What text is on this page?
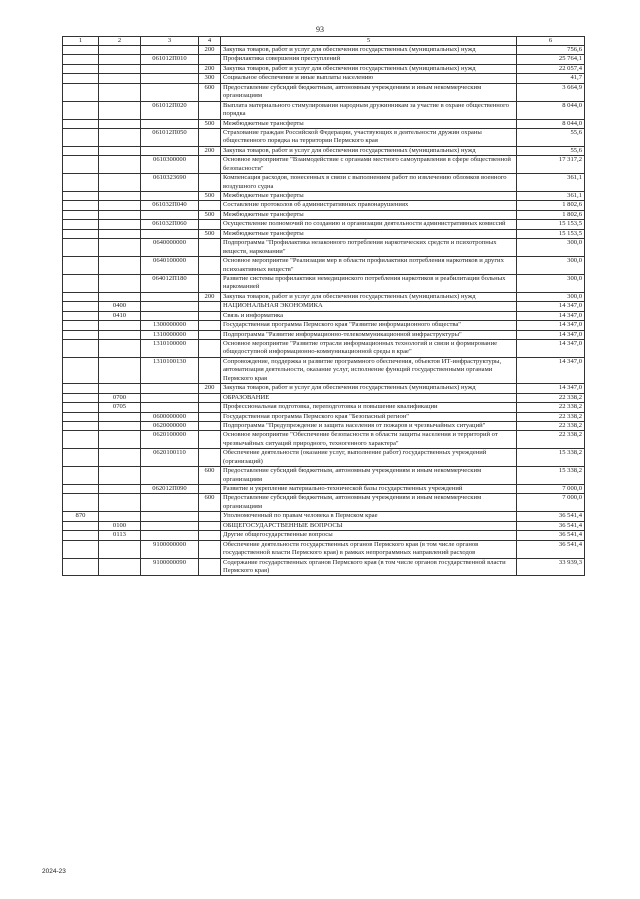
93
1	2	3	4	5	6
			200	Закупка товаров, работ и услуг для обеспечения государственных (муниципальных) нужд	756,6
		061012П010		Профилактика совершения преступлений	25 764,1
			200	Закупка товаров, работ и услуг для обеспечения государственных (муниципальных) нужд	22 057,4
			300	Социальное обеспечение и иные выплаты населению	41,7
			600	Предоставление субсидий бюджетным, автономным учреждениям и иным некоммерческим организациям	3 664,9
		061012П020		Выплата материального стимулирования народным дружинникам за участие в охране общественного порядка	8 044,0
			500	Межбюджетные трансферты	8 044,0
		061012П050		Страхование граждан Российской Федерации, участвующих в деятельности дружин охраны общественного порядка на территории Пермского края	55,6
			200	Закупка товаров, работ и услуг для обеспечения государственных (муниципальных) нужд	55,6
		0610300000		Основное мероприятие "Взаимодействие с органами местного самоуправления в сфере общественной безопасности"	17 317,2
		0610323690		Компенсация расходов, понесенных в связи с выполнением работ по извлечению обломков военного воздушного судна	361,1
			500	Межбюджетные трансферты	361,1
		061032П040		Составление протоколов об административных правонарушениях	1 802,6
			500	Межбюджетные трансферты	1 802,6
		061032П060		Осуществление полномочий по созданию и организации деятельности административных комиссий	15 153,5
			500	Межбюджетные трансферты	15 153,5
		0640000000		Подпрограмма "Профилактика незаконного потребления наркотических средств и психотропных веществ, наркомании"	300,0
		0640100000		Основное мероприятие "Реализация мер в области профилактики потребления наркотиков и других психоактивных веществ"	300,0
		064012П180		Развитие системы профилактики немедицинского потребления наркотиков и реабилитации больных наркоманией	300,0
			200	Закупка товаров, работ и услуг для обеспечения государственных (муниципальных) нужд	300,0
	0400			НАЦИОНАЛЬНАЯ ЭКОНОМИКА	14 347,0
	0410			Связь и информатика	14 347,0
		1300000000		Государственная программа Пермского края "Развитие информационного общества"	14 347,0
		1310000000		Подпрограмма "Развитие информационно-телекоммуникационной инфраструктуры"	14 347,0
		1310100000		Основное мероприятие "Развитие отрасли информационных технологий и связи и формирование общедоступной информационно-коммуникационной среды в крае"	14 347,0
		1310100130		Сопровождение, поддержка и развитие программного обеспечения, объектов ИТ-инфраструктуры, автоматизация деятельности, оказание услуг, исполнение функций государственными органами Пермского края	14 347,0
			200	Закупка товаров, работ и услуг для обеспечения государственных (муниципальных) нужд	14 347,0
	0700			ОБРАЗОВАНИЕ	22 338,2
	0705			Профессиональная подготовка, переподготовка и повышение квалификации	22 338,2
		0600000000		Государственная программа Пермского края "Безопасный регион"	22 338,2
		0620000000		Подпрограмма "Предупреждение и защита населения от пожаров и чрезвычайных ситуаций"	22 338,2
		0620100000		Основное мероприятие "Обеспечение безопасности в области защиты населения и территорий от чрезвычайных ситуаций природного, техногенного характера"	22 338,2
		0620100110		Обеспечение деятельности (оказание услуг, выполнение работ) государственных учреждений (организаций)	15 338,2
			600	Предоставление субсидий бюджетным, автономным учреждениям и иным некоммерческим организациям	15 338,2
		062012П090		Развитие и укрепление материально-технической базы государственных учреждений	7 000,0
			600	Предоставление субсидий бюджетным, автономным учреждениям и иным некоммерческим организациям	7 000,0
870				Уполномоченный по правам человека в Пермском крае	36 541,4
	0100			ОБЩЕГОСУДАРСТВЕННЫЕ ВОПРОСЫ	36 541,4
	0113			Другие общегосударственные вопросы	36 541,4
		9100000000		Обеспечение деятельности государственных органов Пермского края (в том числе органов государственной власти Пермского края) в рамках непрограммных направлений расходов	36 541,4
		9100000090		Содержание государственных органов Пермского края (в том числе органов государственной власти Пермского края)	33 939,3
2024-23
